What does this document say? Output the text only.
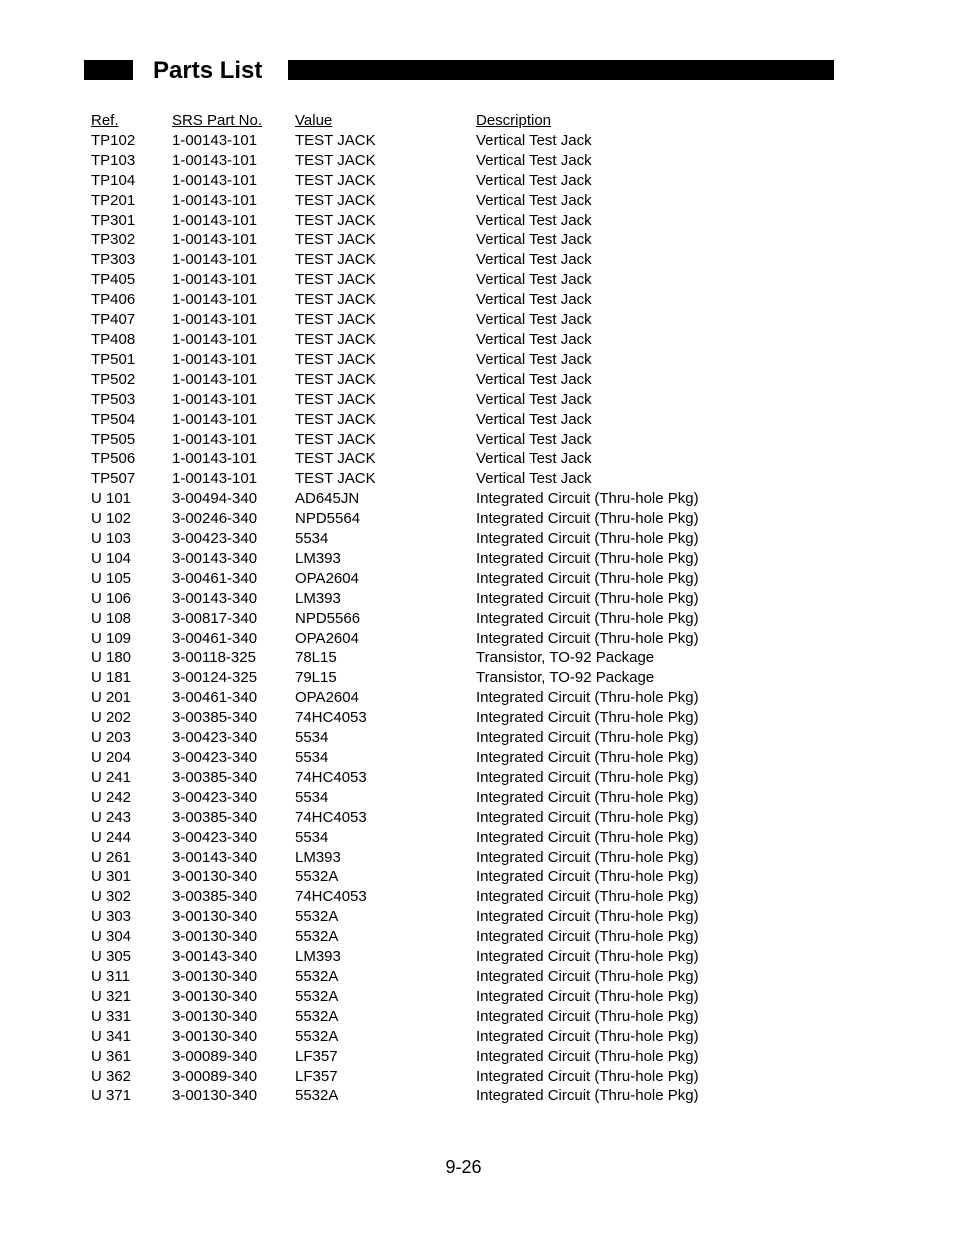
Parts List
Ref.	SRS Part No. Value	Description
TP102 1-00143-101	TEST JACK	Vertical Test Jack
TP103 1-00143-101	TEST JACK	Vertical Test Jack
TP104 1-00143-101	TEST JACK	Vertical Test Jack
TP201 1-00143-101	TEST JACK	Vertical Test Jack
TP301 1-00143-101	TEST JACK	Vertical Test Jack
TP302 1-00143-101	TEST JACK	Vertical Test Jack
TP303 1-00143-101	TEST JACK	Vertical Test Jack
TP405 1-00143-101	TEST JACK	Vertical Test Jack
TP406 1-00143-101	TEST JACK	Vertical Test Jack
TP407 1-00143-101	TEST JACK	Vertical Test Jack
TP408 1-00143-101	TEST JACK	Vertical Test Jack
TP501 1-00143-101	TEST JACK	Vertical Test Jack
TP502 1-00143-101	TEST JACK	Vertical Test Jack
TP503 1-00143-101	TEST JACK	Vertical Test Jack
TP504 1-00143-101	TEST JACK	Vertical Test Jack
TP505 1-00143-101	TEST JACK	Vertical Test Jack
TP506 1-00143-101	TEST JACK	Vertical Test Jack
TP507 1-00143-101	TEST JACK	Vertical Test Jack
U 101	3-00494-340	AD645JN	Integrated Circuit (Thru-hole Pkg)
U 102	3-00246-340	NPD5564	Integrated Circuit (Thru-hole Pkg)
U 103	3-00423-340	5534	Integrated Circuit (Thru-hole Pkg)
U 104	3-00143-340	LM393	Integrated Circuit (Thru-hole Pkg)
U 105	3-00461-340	OPA2604	Integrated Circuit (Thru-hole Pkg)
U 106	3-00143-340	LM393	Integrated Circuit (Thru-hole Pkg)
U 108	3-00817-340	NPD5566	Integrated Circuit (Thru-hole Pkg)
U 109	3-00461-340	OPA2604	Integrated Circuit (Thru-hole Pkg)
U 180	3-00118-325	78L15	Transistor, TO-92 Package
U 181	3-00124-325	79L15	Transistor, TO-92 Package
U 201	3-00461-340	OPA2604	Integrated Circuit (Thru-hole Pkg)
U 202	3-00385-340	74HC4053	Integrated Circuit (Thru-hole Pkg)
U 203	3-00423-340	5534	Integrated Circuit (Thru-hole Pkg)
U 204	3-00423-340	5534	Integrated Circuit (Thru-hole Pkg)
U 241	3-00385-340	74HC4053	Integrated Circuit (Thru-hole Pkg)
U 242	3-00423-340	5534	Integrated Circuit (Thru-hole Pkg)
U 243	3-00385-340	74HC4053	Integrated Circuit (Thru-hole Pkg)
U 244	3-00423-340	5534	Integrated Circuit (Thru-hole Pkg)
U 261	3-00143-340	LM393	Integrated Circuit (Thru-hole Pkg)
U 301	3-00130-340	5532A	Integrated Circuit (Thru-hole Pkg)
U 302	3-00385-340	74HC4053	Integrated Circuit (Thru-hole Pkg)
U 303	3-00130-340	5532A	Integrated Circuit (Thru-hole Pkg)
U 304	3-00130-340	5532A	Integrated Circuit (Thru-hole Pkg)
U 305	3-00143-340	LM393	Integrated Circuit (Thru-hole Pkg)
U 311	3-00130-340	5532A	Integrated Circuit (Thru-hole Pkg)
U 321	3-00130-340	5532A	Integrated Circuit (Thru-hole Pkg)
U 331	3-00130-340	5532A	Integrated Circuit (Thru-hole Pkg)
U 341	3-00130-340	5532A	Integrated Circuit (Thru-hole Pkg)
U 361	3-00089-340	LF357	Integrated Circuit (Thru-hole Pkg)
U 362	3-00089-340	LF357	Integrated Circuit (Thru-hole Pkg)
U 371	3-00130-340	5532A	Integrated Circuit (Thru-hole Pkg)
9-26
